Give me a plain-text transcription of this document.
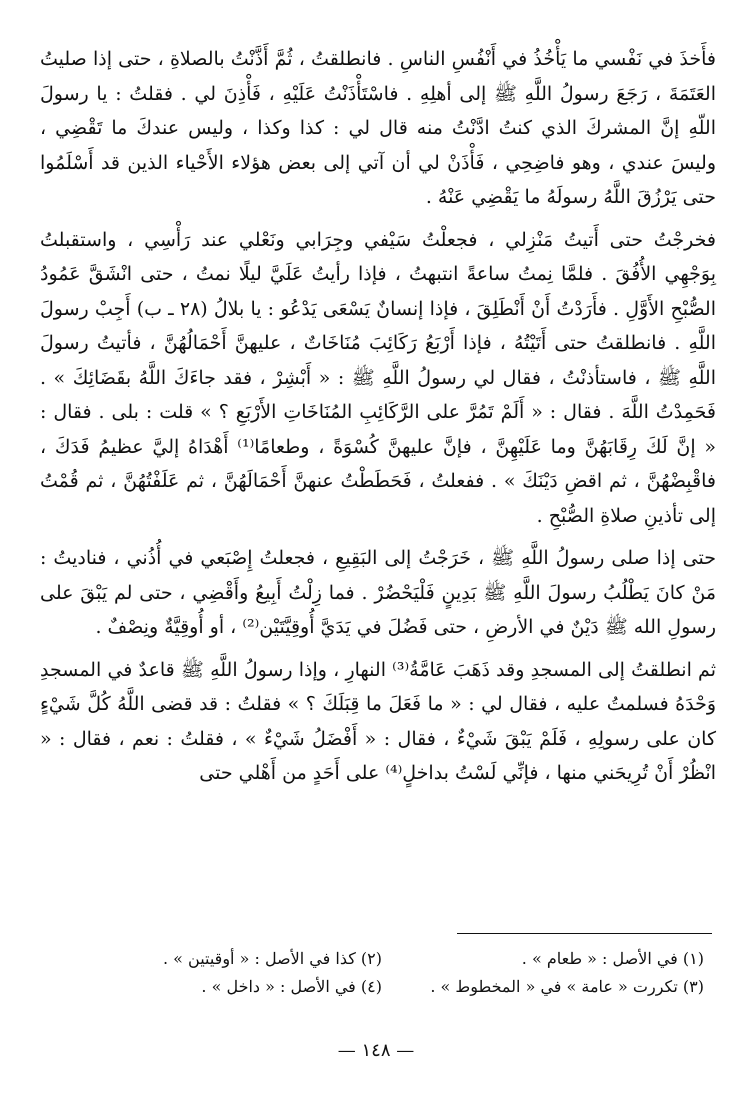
فأَخذَ في نَفْسي ما يَأْخُذُ في أَنْفُسِ الناسِ . فانطلقتُ ، ثُمَّ أَذَّنْتُ بالصلاةِ ، حتى إذا صليتُ العَتَمَةَ ، رَجَعَ رسولُ اللَّهِ ﷺ إلى أهلِهِ . فاسْتَأْذَنْتُ عَلَيْهِ ، فَأْذِنَ لي . فقلتُ : يا رسولَ اللّهِ إنَّ المشركَ الذي كنتُ ادَّنْتُ منه قال لي : كذا وكذا ، وليس عندكَ ما تَقْضِي ، وليسَ عندي ، وهو فاضِحِي ، فَأْذَنْ لي أن آتي إلى بعض هؤلاء الأَحْياء الذين قد أَسْلَمُوا حتى يَرْزُقَ اللَّهُ رسولَهُ ما يَقْضِي عَنْهُ .

فخرجْتُ حتى أَتيتُ مَنْزِلي ، فجعلْتُ سَيْفي وجِرَابي ونَعْلي عند رَأْسِي ، واستقبلتُ بِوَجْهِي الأُفُقَ . فلمَّا نِمتُ ساعةً انتبهتُ ، فإذا رأيتُ عَلَيَّ ليلًا نمتُ ، حتى انْشَقَّ عَمُودُ الصُّبْحِ الأَوَّلِ . فأَرَدْتُ أَنْ أَنْطَلِقَ ، فإذا إنسانٌ يَسْعَى يَدْعُو : يا بلالُ (٢٨ ـ ب) أَجِبْ رسولَ اللَّهِ . فانطلقتُ حتى أَتَيْتُهُ ، فإذا أَرْبَعُ رَكَائِبَ مُنَاخَاتٌ ، عليهنَّ أَحْمَالُهُنَّ ، فأتيتُ رسولَ اللَّهِ ﷺ ، فاستأذنْتُ ، فقال لي رسولُ اللَّهِ ﷺ : « أَبْشِرْ ، فقد جاءَكَ اللَّهُ بقَضَائِكَ » . فَحَمِدْتُ اللَّهَ . فقال : « أَلَمْ تَمُرَّ على الرَّكَائِبِ المُنَاخَاتِ الأَرْبَعِ ؟ » قلت : بلى . فقال : « إنَّ لَكَ رِقَابَهُنَّ وما عَلَيْهِنَّ ، فإنَّ عليهنَّ كُسْوَةً ، وطعامًا⁽¹⁾ أَهْدَاهُ إليَّ عظيمُ فَدَكَ ، فاقْبِضْهُنَّ ، ثم اقضِ دَيْنَكَ » . ففعلتُ ، فَحَطَطْتُ عنهنَّ أَحْمَالَهُنَّ ، ثم عَلَفْتُهُنَّ ، ثم قُمْتُ إلى تأذينِ صلاةِ الصُّبْحِ .

حتى إذا صلى رسولُ اللَّهِ ﷺ ، خَرَجْتُ إلى البَقِيعِ ، فجعلتُ إِصْبَعي في أُذُني ، فناديتُ : مَنْ كانَ يَطْلُبُ رسولَ اللَّهِ ﷺ بَدِينٍ فَلْيَحْضُرْ . فما زِلْتُ أَبِيعُ وأَقْضِي ، حتى لم يَبْقَ على رسولِ الله ﷺ دَيْنٌ في الأرضِ ، حتى فَضُلَ في يَدَيَّ أُوقِيَّتَيْن⁽²⁾ ، أو أُوقِيَّةٌ ونِصْفٌ .

ثم انطلقتُ إلى المسجدِ وقد ذَهَبَ عَامَّةُ⁽³⁾ النهارِ ، وإذا رسولُ اللَّهِ ﷺ قاعدٌ في المسجدِ وَحْدَهُ فسلمتُ عليه ، فقال لي : « ما فَعَلَ ما قِبَلَكَ ؟ » فقلتُ : قد قضى اللَّهُ كُلَّ شَيْءٍ كان على رسولِهِ ، فَلَمْ يَبْقَ شَيْءٌ ، فقال : « أَفْضَلُ شَيْءٌ » ، فقلتُ : نعم ، فقال : « انْظُرْ أَنْ تُرِيحَني منها ، فإنِّي لَسْتُ بداخلٍ⁽⁴⁾ على أَحَدٍ من أَهْلي حتى

(١) في الأصل : « طعام » .
(٢) كذا في الأصل : « أوقيتين » .
(٣) تكررت « عامة » في « المخطوط » .
(٤) في الأصل : « داخل » .
— ١٤٨ —
